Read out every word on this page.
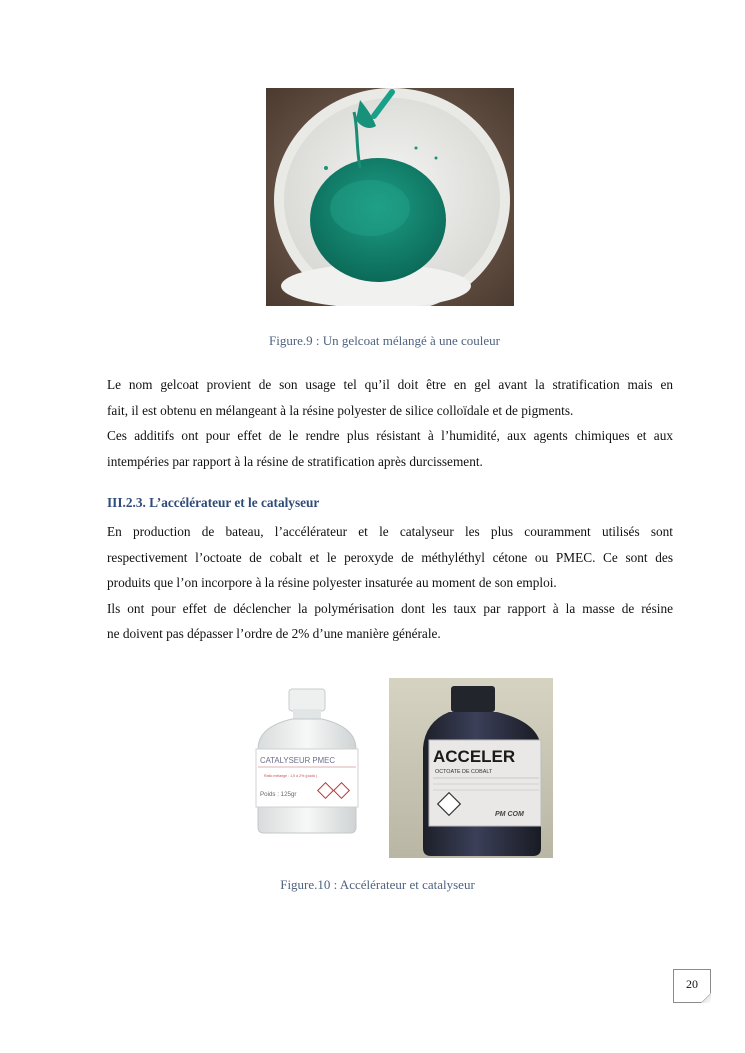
Figure.9 : Un gelcoat mélangé à une couleur

Le nom gelcoat provient de son usage tel qu’il doit être en gel avant la stratification mais en
fait, il est obtenu en mélangeant à la résine polyester de silice colloïdale et de pigments.

Ces additifs ont pour effet de le rendre plus résistant à l’humidité, aux agents chimiques et aux
intempéries par rapport à la résine de stratification après durcissement.

III.2.3. L’accélérateur et le catalyseur

En production de bateau, l’accélérateur et le catalyseur les plus couramment utilisés sont
respectivement l’octoate de cobalt et le peroxyde de méthyléthyl cétone ou PMEC. Ce sont des
produits que l’on incorpore à la résine polyester insaturée au moment de son emploi.
Ils ont pour effet de déclencher la polymérisation dont les taux par rapport à la masse de résine
ne doivent pas dépasser l’ordre de 2% d’une manière générale.

CATALYSEUR PMEC
Ratio mélange : 1,5 à 2% (poids )
Poids : 125gr
ACCELER
OCTOATE DE COBALT
PM COM
Figure.10 : Accélérateur et catalyseur
20
